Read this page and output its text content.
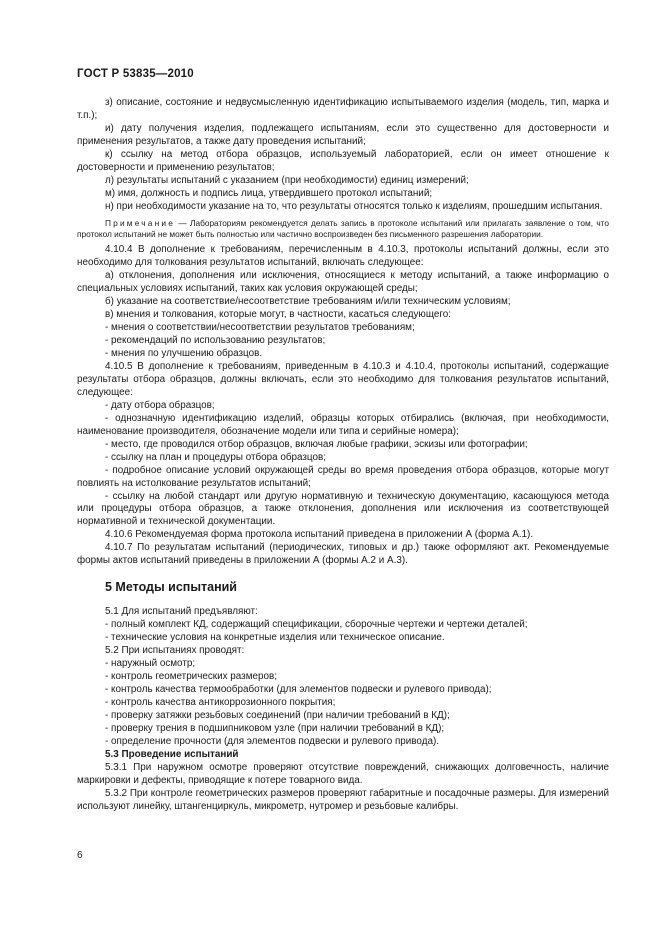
ГОСТ Р 53835—2010

з) описание, состояние и недвусмысленную идентификацию испытываемого изделия (модель, тип, марка и т.п.);

и) дату получения изделия, подлежащего испытаниям, если это существенно для достоверности и применения результатов, а также дату проведения испытаний;

к) ссылку на метод отбора образцов, используемый лабораторией, если он имеет отношение к достоверности и применению результатов;

л) результаты испытаний с указанием (при необходимости) единиц измерений;

м) имя, должность и подпись лица, утвердившего протокол испытаний;

н) при необходимости указание на то, что результаты относятся только к изделиям, прошедшим испытания.

Примечание — Лабораториям рекомендуется делать запись в протоколе испытаний или прилагать заявление о том, что протокол испытаний не может быть полностью или частично воспроизведен без письменного разрешения лаборатории.

4.10.4 В дополнение к требованиям, перечисленным в 4.10.3, протоколы испытаний должны, если это необходимо для толкования результатов испытаний, включать следующее:

а) отклонения, дополнения или исключения, относящиеся к методу испытаний, а также информацию о специальных условиях испытаний, таких как условия окружающей среды;

б) указание на соответствие/несоответствие требованиям и/или техническим условиям;

в) мнения и толкования, которые могут, в частности, касаться следующего:

- мнения о соответствии/несоответствии результатов требованиям;

- рекомендаций по использованию результатов;

- мнения по улучшению образцов.

4.10.5 В дополнение к требованиям, приведенным в 4.10.3 и 4.10.4, протоколы испытаний, содержащие результаты отбора образцов, должны включать, если это необходимо для толкования результатов испытаний, следующее:

- дату отбора образцов;

- однозначную идентификацию изделий, образцы которых отбирались (включая, при необходимости, наименование производителя, обозначение модели или типа и серийные номера);

- место, где проводился отбор образцов, включая любые графики, эскизы или фотографии;

- ссылку на план и процедуры отбора образцов;

- подробное описание условий окружающей среды во время проведения отбора образцов, которые могут повлиять на истолкование результатов испытаний;

- ссылку на любой стандарт или другую нормативную и техническую документацию, касающуюся метода или процедуры отбора образцов, а также отклонения, дополнения или исключения из соответствующей нормативной и технической документации.

4.10.6 Рекомендуемая форма протокола испытаний приведена в приложении А (форма А.1).

4.10.7 По результатам испытаний (периодических, типовых и др.) также оформляют акт. Рекомендуемые формы актов испытаний приведены в приложении А (формы А.2 и А.3).

5 Методы испытаний

5.1 Для испытаний предъявляют:

- полный комплект КД, содержащий спецификации, сборочные чертежи и чертежи деталей;

- технические условия на конкретные изделия или техническое описание.

5.2 При испытаниях проводят:

- наружный осмотр;

- контроль геометрических размеров;

- контроль качества термообработки (для элементов подвески и рулевого привода);

- контроль качества антикоррозионного покрытия;

- проверку затяжки резьбовых соединений (при наличии требований в КД);

- проверку трения в подшипниковом узле (при наличии требований в КД);

- определение прочности (для элементов подвески и рулевого привода).

5.3 Проведение испытаний

5.3.1 При наружном осмотре проверяют отсутствие повреждений, снижающих долговечность, наличие маркировки и дефекты, приводящие к потере товарного вида.

5.3.2 При контроле геометрических размеров проверяют габаритные и посадочные размеры. Для измерений используют линейку, штангенциркуль, микрометр, нутромер и резьбовые калибры.

6
